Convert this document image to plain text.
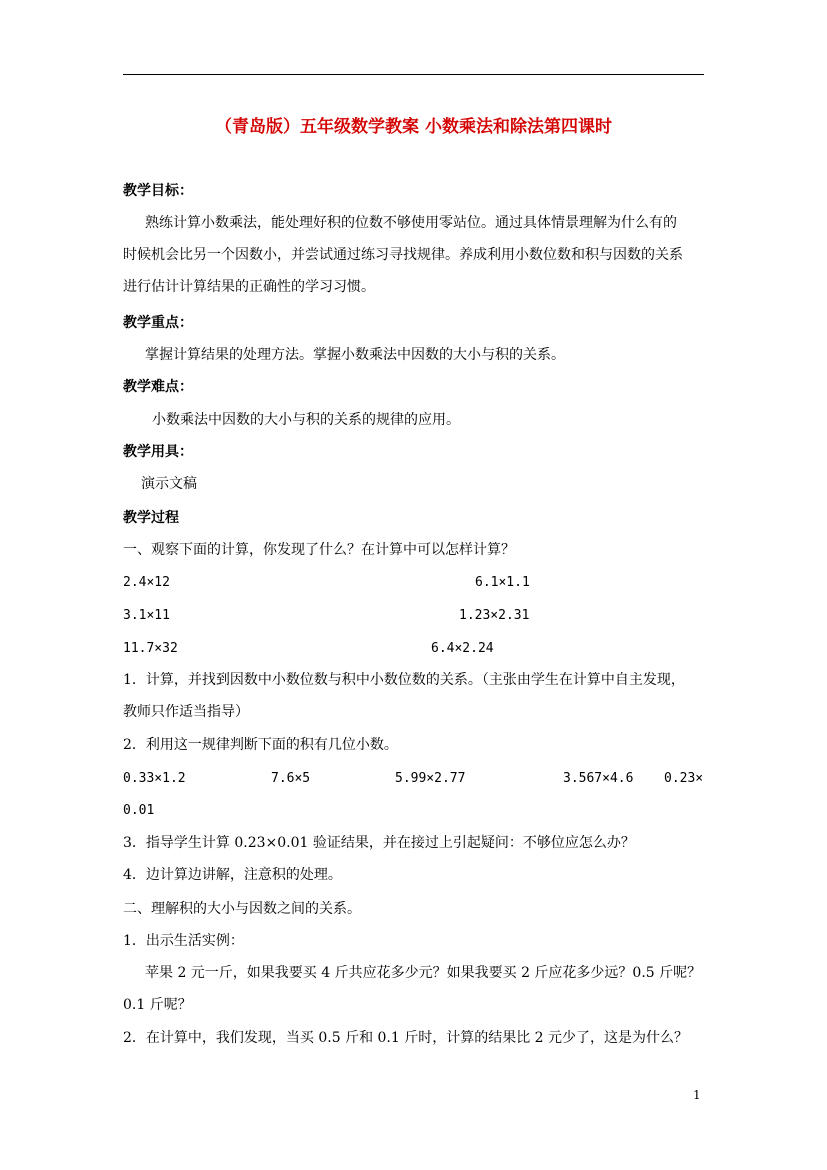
（青岛版）五年级数学教案 小数乘法和除法第四课时
教学目标：
熟练计算小数乘法，能处理好积的位数不够使用零站位。通过具体情景理解为什么有的
时候机会比另一个因数小，并尝试通过练习寻找规律。养成利用小数位数和积与因数的关系
进行估计计算结果的正确性的学习习惯。
教学重点：
掌握计算结果的处理方法。掌握小数乘法中因数的大小与积的关系。
教学难点：
小数乘法中因数的大小与积的关系的规律的应用。
教学用具：
演示文稿
教学过程
一、观察下面的计算，你发现了什么？在计算中可以怎样计算？
2.4×12	6.1×1.1
3.1×11	1.23×2.31
11.7×32	6.4×2.24
1．计算，并找到因数中小数位数与积中小数位数的关系。（主张由学生在计算中自主发现，
教师只作适当指导）
2．利用这一规律判断下面的积有几位小数。
0.33×1.2	7.6×5	5.99×2.77	3.567×4.6 0.23×
0.01
3．指导学生计算 0.23×0.01 验证结果，并在接过上引起疑问：不够位应怎么办？
4．边计算边讲解，注意积的处理。
二、理解积的大小与因数之间的关系。
1．出示生活实例：
苹果 2 元一斤，如果我要买 4 斤共应花多少元？如果我要买 2 斤应花多少远？0.5 斤呢？
0.1 斤呢？
2．在计算中，我们发现，当买 0.5 斤和 0.1 斤时，计算的结果比 2 元少了，这是为什么？
1
